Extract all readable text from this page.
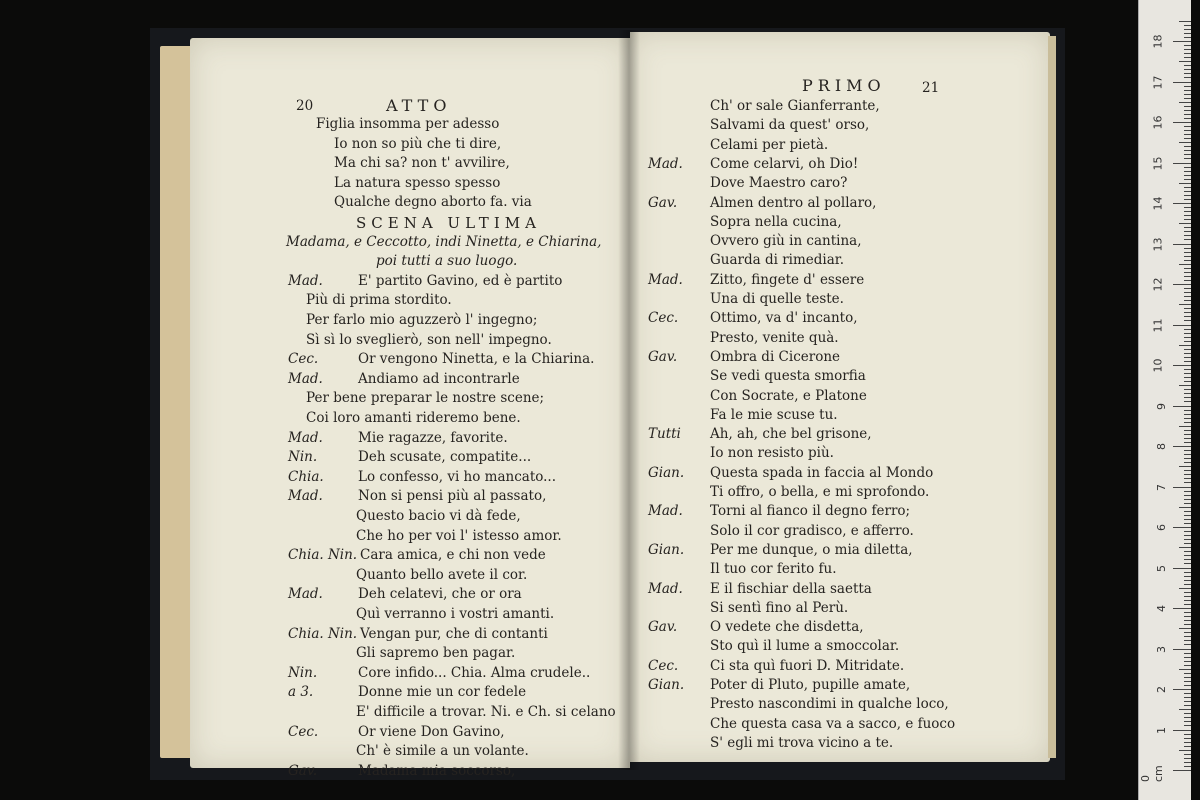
20	ATTO
Figlia insomma per adesso
Io non so più che ti dire,
Ma chi sa? non t' avvilire,
La natura spesso spesso
Qualche degno aborto fa. via
SCENA ULTIMA
Madama, e Ceccotto, indi Ninetta, e Chiarina,
poi tutti a suo luogo.
Mad.	E' partito Gavino, ed è partito
Più di prima stordito.
Per farlo mio aguzzerò l' ingegno;
Sì sì lo sveglierò, son nell' impegno.
Cec.	Or vengono Ninetta, e la Chiarina.
Mad.	Andiamo ad incontrarle
Per bene preparar le nostre scene;
Coi loro amanti rideremo bene.
Mad.	Mie ragazze, favorite.
Nin.	Deh scusate, compatite...
Chia.	Lo confesso, vi ho mancato...
Mad.	Non si pensi più al passato,
Questo bacio vi dà fede,
Che ho per voi l' istesso amor.
Chia. Nin. Cara amica, e chi non vede
Quanto bello avete il cor.
Mad.	Deh celatevi, che or ora
Quì verranno i vostri amanti.
Chia. Nin. Vengan pur, che di contanti
Gli sapremo ben pagar.
Nin.	Core infido... Chia. Alma crudele..
a 3.	Donne mie un cor fedele
E' difficile a trovar. Ni. e Ch. si celano
Cec.	Or viene Don Gavino,
Ch' è simile a un volante.
Gav.	Madama mia soccorso,
PRIMO	21
Ch' or sale Gianferrante,
Salvami da quest' orso,
Celami per pietà.
Mad. Come celarvi, oh Dio!
Dove Maestro caro?
Gav. Almen dentro al pollaro,
Sopra nella cucina,
Ovvero giù in cantina,
Guarda di rimediar.
Mad. Zitto, fingete d' essere
Una di quelle teste.
Cec. Ottimo, va d' incanto,
Presto, venite quà.
Gav. Ombra di Cicerone
Se vedi questa smorfia
Con Socrate, e Platone
Fa le mie scuse tu.
Tutti Ah, ah, che bel grisone,
Io non resisto più.
Gian. Questa spada in faccia al Mondo
Ti offro, o bella, e mi sprofondo.
Mad. Torni al fianco il degno ferro;
Solo il cor gradisco, e afferro.
Gian. Per me dunque, o mia diletta,
Il tuo cor ferito fu.
Mad. E il fischiar della saetta
Si sentì fino al Perù.
Gav. O vedete che disdetta,
Sto quì il lume a smoccolar.
Cec. Ci sta quì fuori D. Mitridate.
Gian. Poter di Pluto, pupille amate,
Presto nascondimi in qualche loco,
Che questa casa va a sacco, e fuoco
S' egli mi trova vicino a te.
0 cm
1
2
3
4
5
6
7
8
9
10
11
12
13
14
15
16
17
18
